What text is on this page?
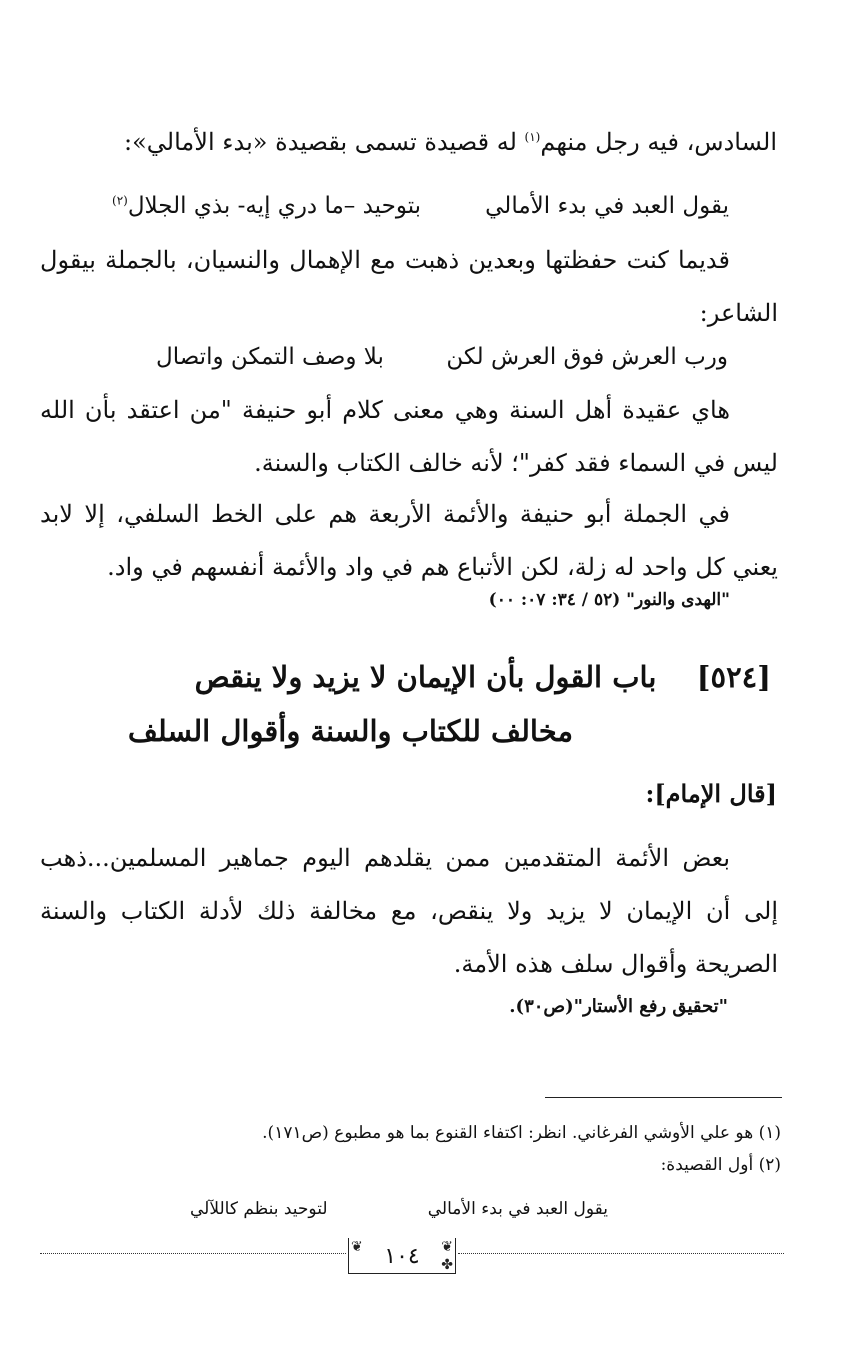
السادس، فيه رجل منهم$^{(١)}$ له قصيدة تسمى بقصيدة «بدء الأمالي»:
يقول العبد في بدء الأمالي
بتوحيد –ما دري إيه- بذي الجلال$^{(٢)}$
قديما كنت حفظتها وبعدين ذهبت مع الإهمال والنسيان، بالجملة بيقول الشاعر:
ورب العرش فوق العرش لكن
بلا وصف التمكن واتصال
هاي عقيدة أهل السنة وهي معنى كلام أبو حنيفة "من اعتقد بأن الله ليس في السماء فقد كفر"؛ لأنه خالف الكتاب والسنة.
في الجملة أبو حنيفة والأئمة الأربعة هم على الخط السلفي، إلا لابد يعني كل واحد له زلة، لكن الأتباع هم في واد والأئمة أنفسهم في واد.
"الهدى والنور" (٥٢ / ٣٤: ٠٧: ٠٠)
[٥٢٤]    باب القول بأن الإيمان لا يزيد ولا ينقص
مخالف للكتاب والسنة وأقوال السلف
[قال الإمام]:
بعض الأئمة المتقدمين ممن يقلدهم اليوم جماهير المسلمين...ذهب إلى أن الإيمان لا يزيد ولا ينقص، مع مخالفة ذلك لأدلة الكتاب والسنة الصريحة وأقوال سلف هذه الأمة.
"تحقيق رفع الأستار"(ص٣٠).
(١) هو علي الأوشي الفرغاني. انظر: اكتفاء القنوع بما هو مطبوع (ص١٧١).
(٢) أول القصيدة:
يقول العبد في بدء الأمالي
لتوحيد بنظم كاللآلي
❦
❦
✤
١٠٤
